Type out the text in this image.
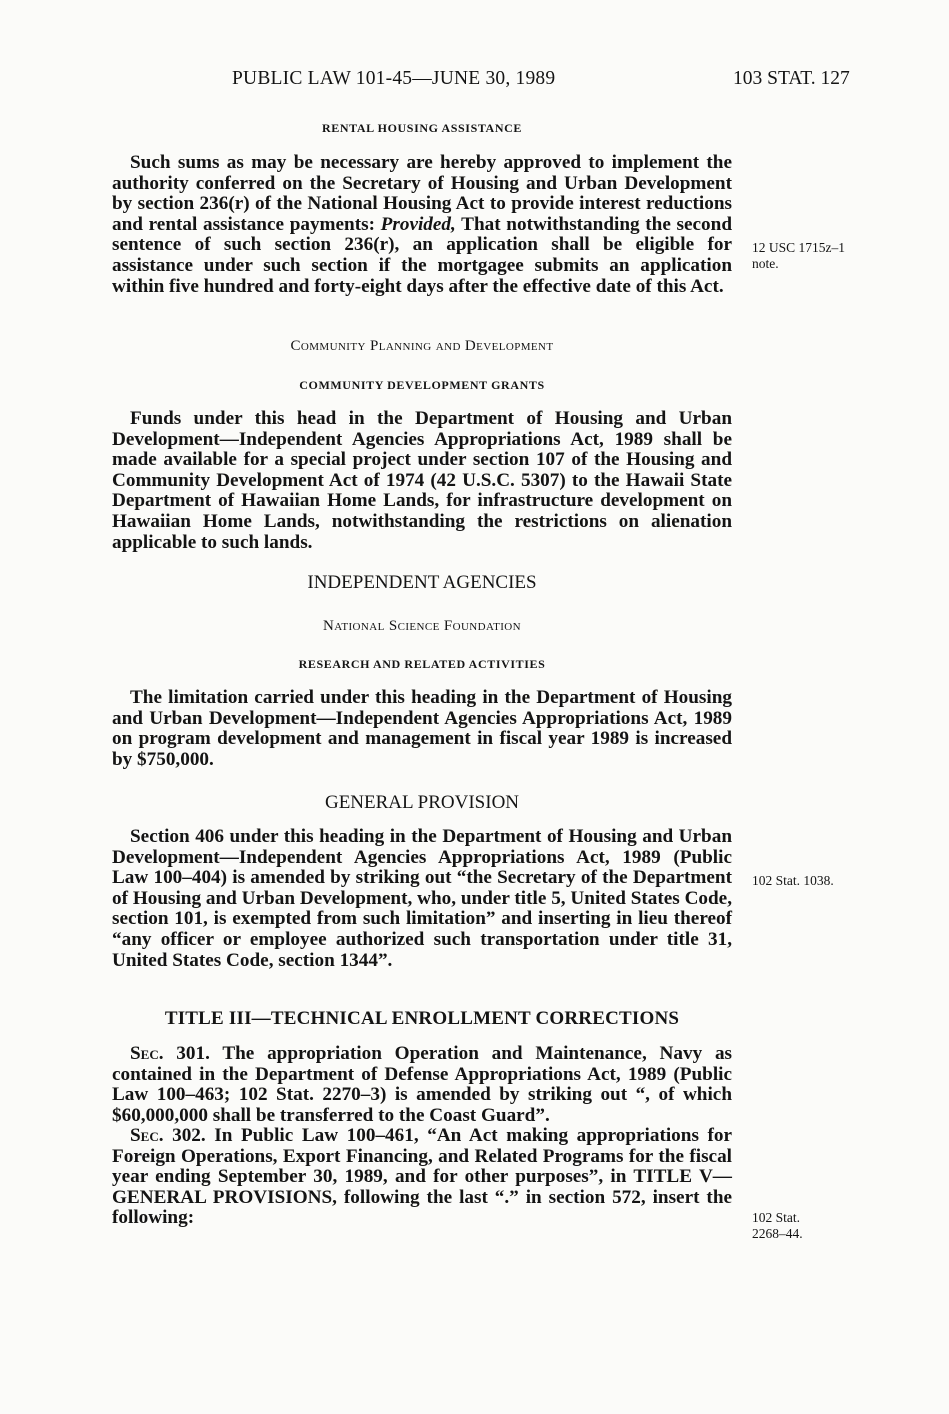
PUBLIC LAW 101-45—JUNE 30, 1989	103 STAT. 127
RENTAL HOUSING ASSISTANCE

Such sums as may be necessary are hereby approved to implement the authority conferred on the Secretary of Housing and Urban Development by section 236(r) of the National Housing Act to provide interest reductions and rental assistance payments: Provided, That notwithstanding the second sentence of such section 236(r), an application shall be eligible for assistance under such section if the mortgagee submits an application within five hundred and forty-eight days after the effective date of this Act.

Community Planning and Development
COMMUNITY DEVELOPMENT GRANTS

Funds under this head in the Department of Housing and Urban Development—Independent Agencies Appropriations Act, 1989 shall be made available for a special project under section 107 of the Housing and Community Development Act of 1974 (42 U.S.C. 5307) to the Hawaii State Department of Hawaiian Home Lands, for infrastructure development on Hawaiian Home Lands, notwithstanding the restrictions on alienation applicable to such lands.

INDEPENDENT AGENCIES
National Science Foundation
RESEARCH AND RELATED ACTIVITIES

The limitation carried under this heading in the Department of Housing and Urban Development—Independent Agencies Appropriations Act, 1989 on program development and management in fiscal year 1989 is increased by $750,000.

GENERAL PROVISION

Section 406 under this heading in the Department of Housing and Urban Development—Independent Agencies Appropriations Act, 1989 (Public Law 100–404) is amended by striking out “the Secretary of the Department of Housing and Urban Development, who, under title 5, United States Code, section 101, is exempted from such limitation” and inserting in lieu thereof “any officer or employee authorized such transportation under title 31, United States Code, section 1344”.

TITLE III—TECHNICAL ENROLLMENT CORRECTIONS

Sec. 301. The appropriation Operation and Maintenance, Navy as contained in the Department of Defense Appropriations Act, 1989 (Public Law 100–463; 102 Stat. 2270–3) is amended by striking out “, of which $60,000,000 shall be transferred to the Coast Guard”.

Sec. 302. In Public Law 100–461, “An Act making appropriations for Foreign Operations, Export Financing, and Related Programs for the fiscal year ending September 30, 1989, and for other purposes”, in TITLE V—GENERAL PROVISIONS, following the last “.” in section 572, insert the following:

12 USC 1715z–1
note.
102 Stat. 1038.
102 Stat.
2268–44.
